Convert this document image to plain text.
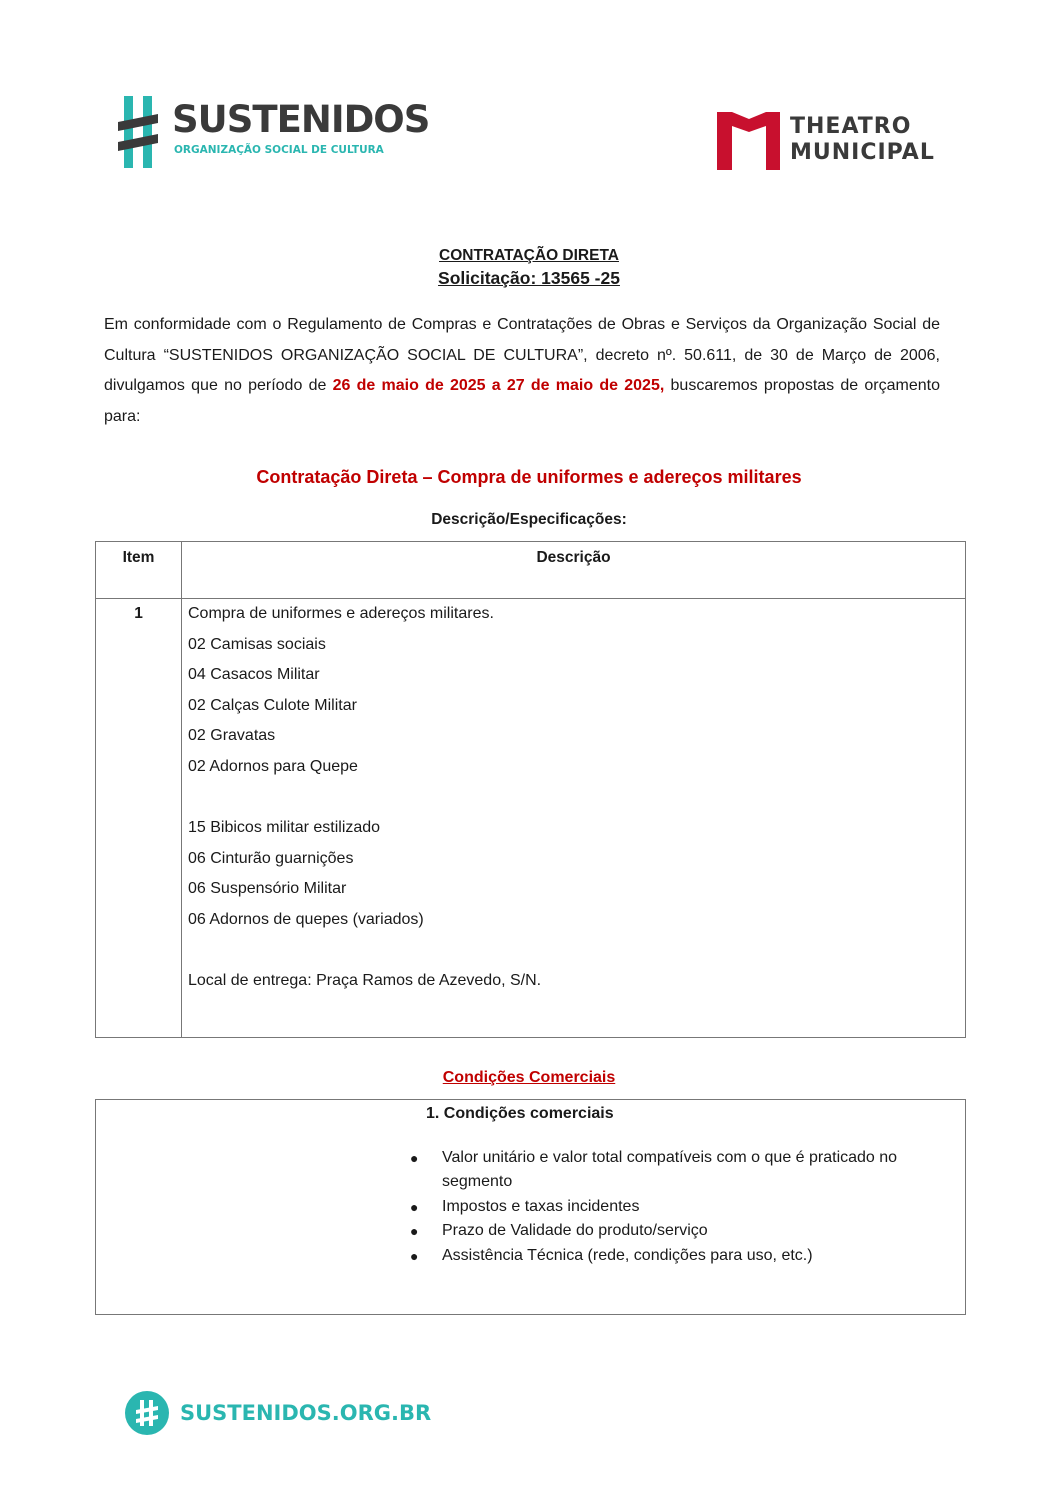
SUSTENIDOS
ORGANIZAÇÃO SOCIAL DE CULTURA
THEATRO
MUNICIPAL
CONTRATAÇÃO DIRETA
Solicitação: 13565 -25
Em conformidade com o Regulamento de Compras e Contratações de Obras e Serviços da Organização Social de Cultura “SUSTENIDOS ORGANIZAÇÃO SOCIAL DE CULTURA”, decreto nº. 50.611, de 30 de Março de 2006, divulgamos que no período de 26 de maio de 2025 a 27 de maio de 2025, buscaremos propostas de orçamento para:
Contratação Direta – Compra de uniformes e adereços militares
Descrição/Especificações:
Item	Descrição
1	Compra de uniformes e adereços militares.
02 Camisas sociais
04 Casacos Militar
02 Calças Culote Militar
02 Gravatas
02 Adornos para Quepe
15 Bibicos militar estilizado
06 Cinturão guarnições
06 Suspensório Militar
06 Adornos de quepes (variados)
Local de entrega: Praça Ramos de Azevedo, S/N.
Condições Comerciais
1. Condições comerciais
● Valor unitário e valor total compatíveis com o que é praticado no segmento
● Impostos e taxas incidentes
● Prazo de Validade do produto/serviço
● Assistência Técnica (rede, condições para uso, etc.)
SUSTENIDOS.ORG.BR
